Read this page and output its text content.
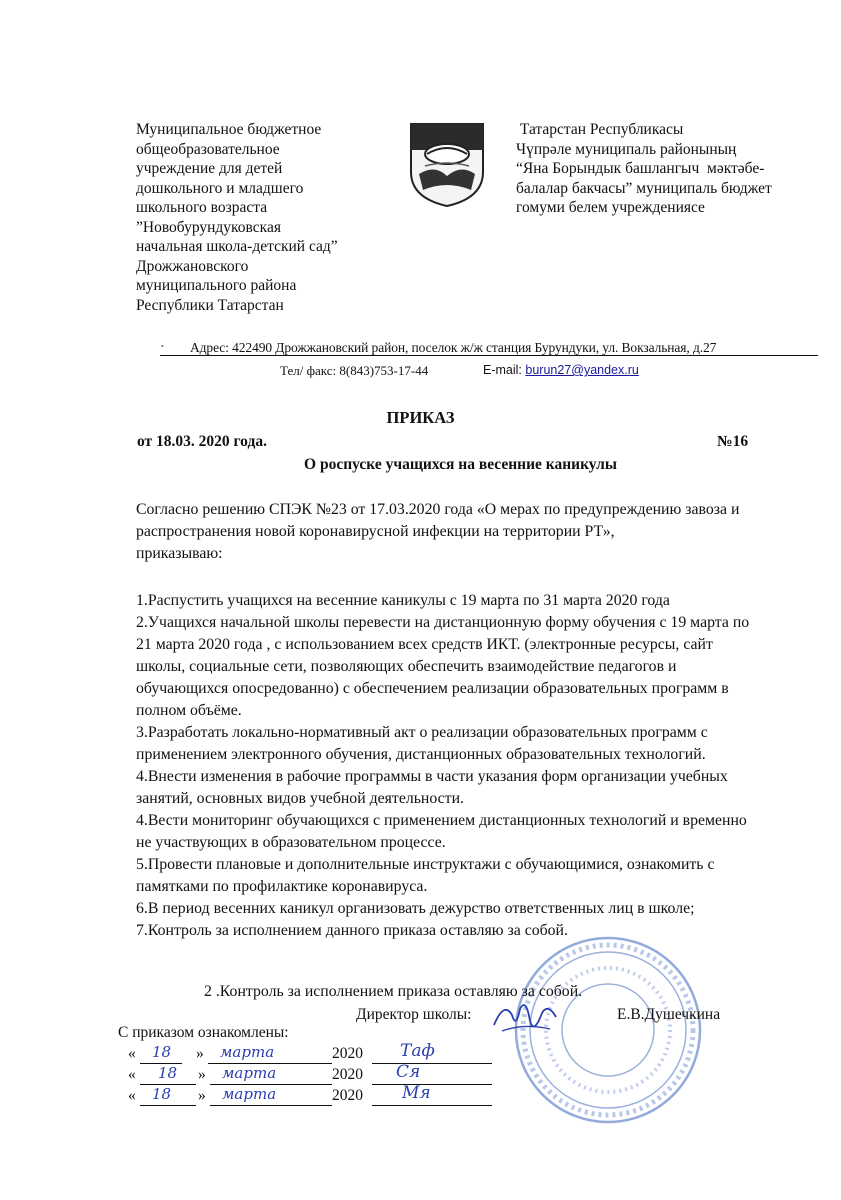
Муниципальное бюджетное
общеобразовательное
учреждение для детей
дошкольного и младшего
школьного возраста
”Новобурундуковская
начальная школа-детский сад”
Дрожжановского
муниципального района
Республики Татарстан
Татарстан Республикасы
Чүпрәле муниципаль районының
“Яна Борындык башлангыч  мәктәбе-
балалар бакчасы” муниципаль бюджет
гомуми белем учреждениясе
• Адрес: 422490 Дрожжановский район, поселок ж/ж станция Бурундуки, ул. Вокзальная, д.27
Тел/ факс: 8(843)753-17-44	E-mail: burun27@yandex.ru
ПРИКАЗ
от 18.03. 2020 года.	№16
О роспуске учащихся на весенние каникулы

Согласно решению СПЭК №23 от 17.03.2020 года «О мерах по предупреждению завоза и

распространения новой коронавирусной инфекции на территории РТ»,

приказываю:

1.Распустить учащихся на весенние каникулы с 19 марта по 31 марта 2020 года

2.Учащихся начальной школы перевести на дистанционную форму обучения с 19 марта по

21 марта 2020 года , с использованием всех средств ИКТ. (электронные ресурсы, сайт

школы, социальные сети, позволяющих обеспечить взаимодействие педагогов и

обучающихся опосредованно) с обеспечением реализации образовательных программ в

полном объёме.

3.Разработать локально-нормативный акт о реализации образовательных программ с

применением электронного обучения, дистанционных образовательных технологий.

4.Внести изменения в рабочие программы в части указания форм организации учебных

занятий, основных видов учебной деятельности.

4.Вести мониторинг обучающихся с применением дистанционных технологий и временно

не участвующих в образовательном процессе.

5.Провести плановые и дополнительные инструктажи с обучающимися, ознакомить с

памятками по профилактике коронавируса.

6.В период весенних каникул организовать дежурство ответственных лиц в школе;

7.Контроль за исполнением данного приказа оставляю за собой.

2 .Контроль за исполнением приказа оставляю за собой.
Директор школы:	Е.В.Душечкина
С приказом ознакомлены:
« 18 » марта	2020 Таф
« 18 » марта	2020 Ся
« 18 » марта	2020 Мя
